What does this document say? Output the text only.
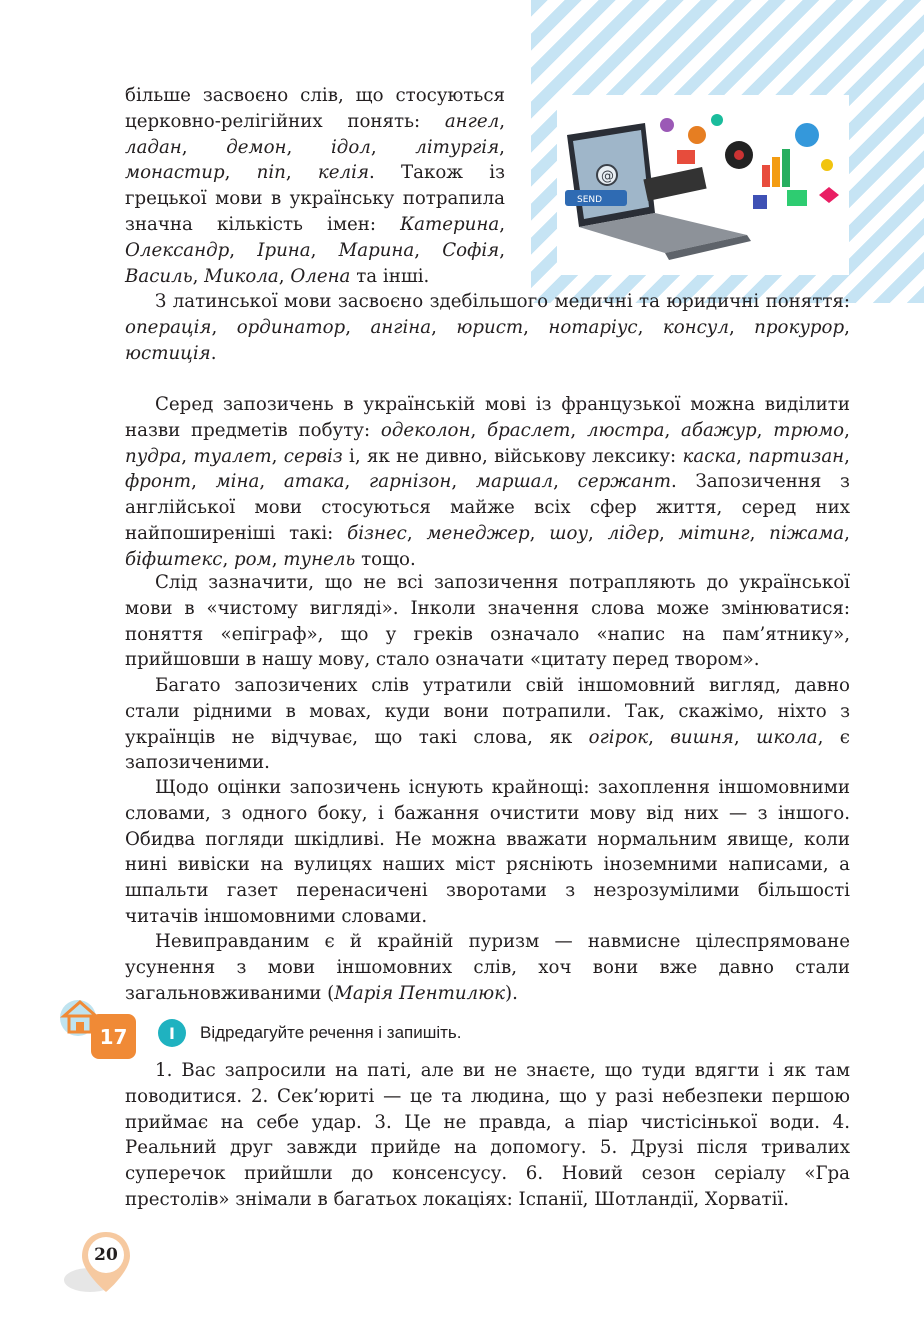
SEND
@

більше засвоєно слів, що стосуються церковно-релігійних понять: ангел, ладан, демон, ідол, літургія, монастир, піп, келія. Також із грецької мови в українську потрапила значна кількість імен: Катерина, Олександр, Ірина, Марина, Софія, Василь, Микола, Олена та інші.

З латинської мови засвоєно здебільшого медичні та юридичні поняття: операція, ординатор, ангіна, юрист, нотаріус, консул, прокурор, юстиція.

Серед запозичень в українській мові із французької можна виділити назви предметів побуту: одеколон, браслет, люстра, абажур, трюмо, пудра, туалет, сервіз і, як не дивно, військову лексику: каска, партизан, фронт, міна, атака, гарнізон, маршал, сержант. Запозичення з англійської мови стосуються майже всіх сфер життя, серед них найпоширеніші такі: бізнес, менеджер, шоу, лідер, мітинг, піжама, біфштекс, ром, тунель тощо.

Слід зазначити, що не всі запозичення потрапляють до української мови в «чистому вигляді». Інколи значення слова може змінюватися: поняття «епіграф», що у греків означало «напис на пам’ятнику», прийшовши в нашу мову, стало означати «цитату перед твором».

Багато запозичених слів утратили свій іншомовний вигляд, давно стали рідними в мовах, куди вони потрапили. Так, скажімо, ніхто з українців не відчуває, що такі слова, як огірок, вишня, школа, є запозиченими.

Щодо оцінки запозичень існують крайнощі: захоплення іншомовними словами, з одного боку, і бажання очистити мову від них — з іншого. Обидва погляди шкідливі. Не можна вважати нормальним явище, коли нині вивіски на вулицях наших міст рясніють іноземними написами, а шпальти газет перенасичені зворотами з незрозумілими більшості читачів іншомовними словами.

Невиправданим є й крайній пуризм — навмисне цілеспрямоване усунення з мови іншомовних слів, хоч вони вже давно стали загальновживаними (Марія Пентилюк).

17	І	Відредагуйте речення і запишіть.

1. Вас запросили на паті, але ви не знаєте, що туди вдягти і як там поводитися. 2. Сек’юриті — це та людина, що у разі небезпеки першою приймає на себе удар. 3. Це не правда, а піар чистісінької води. 4. Реальний друг завжди прийде на допомогу. 5. Друзі після тривалих суперечок прийшли до консенсусу. 6. Новий сезон серіалу «Гра престолів» знімали в багатьох локаціях: Іспанії, Шотландії, Хорватії.

20
